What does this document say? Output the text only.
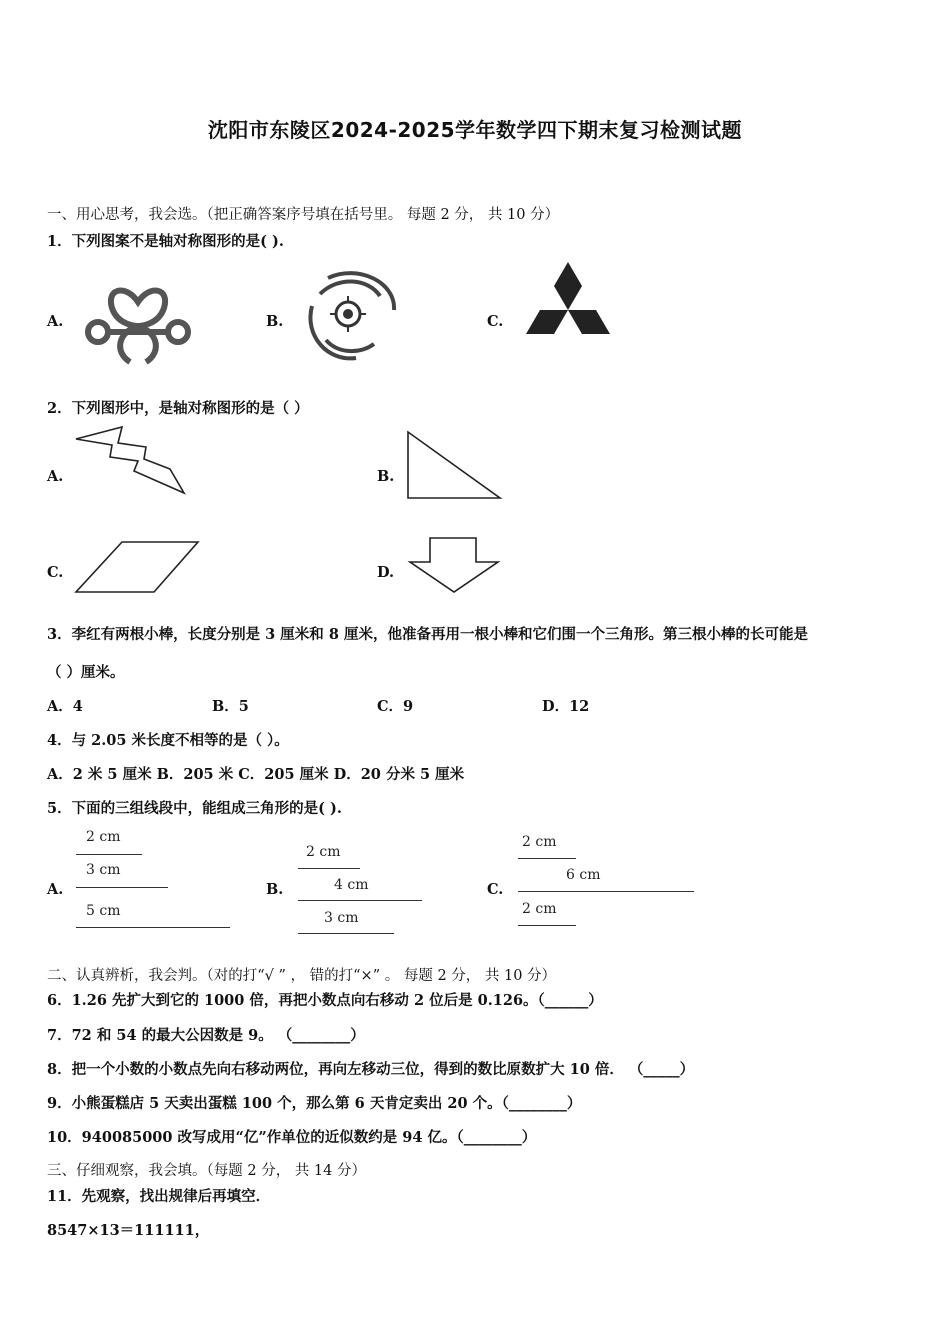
沈阳市东陵区2024-2025学年数学四下期末复习检测试题
一、用心思考，我会选。（把正确答案序号填在括号里。 每题 2 分， 共 10 分）
1．下列图案不是轴对称图形的是( ).
A.	B.	C.
2．下列图形中，是轴对称图形的是（ ）
A.	B.
C.	D.
3．李红有两根小棒，长度分别是 3 厘米和 8 厘米，他准备再用一根小棒和它们围一个三角形。第三根小棒的长可能是
（ ）厘米。
A．4	B．5	C．9	D．12
4．与 2.05 米长度不相等的是（ ）。
A．2 米 5 厘米 B．205 米 C．205 厘米 D．20 分米 5 厘米
5．下面的三组线段中，能组成三角形的是( ).
A.
2 cm
3 cm
5 cm
B.
2 cm
4 cm
3 cm
C.
2 cm
6 cm
2 cm
二、认真辨析，我会判。（对的打“√ ” ， 错的打“×” 。 每题 2 分， 共 10 分）
6．1.26 先扩大到它的 1000 倍，再把小数点向右移动 2 位后是 0.126。（______）
7．72 和 54 的最大公因数是 9。 （________）
8．把一个小数的小数点先向右移动两位，再向左移动三位，得到的数比原数扩大 10 倍． （_____）
9．小熊蛋糕店 5 天卖出蛋糕 100 个，那么第 6 天肯定卖出 20 个。（________）
10．940085000 改写成用“亿”作单位的近似数约是 94 亿。（________）
三、仔细观察，我会填。（每题 2 分， 共 14 分）
11．先观察，找出规律后再填空．
8547×13＝111111，
